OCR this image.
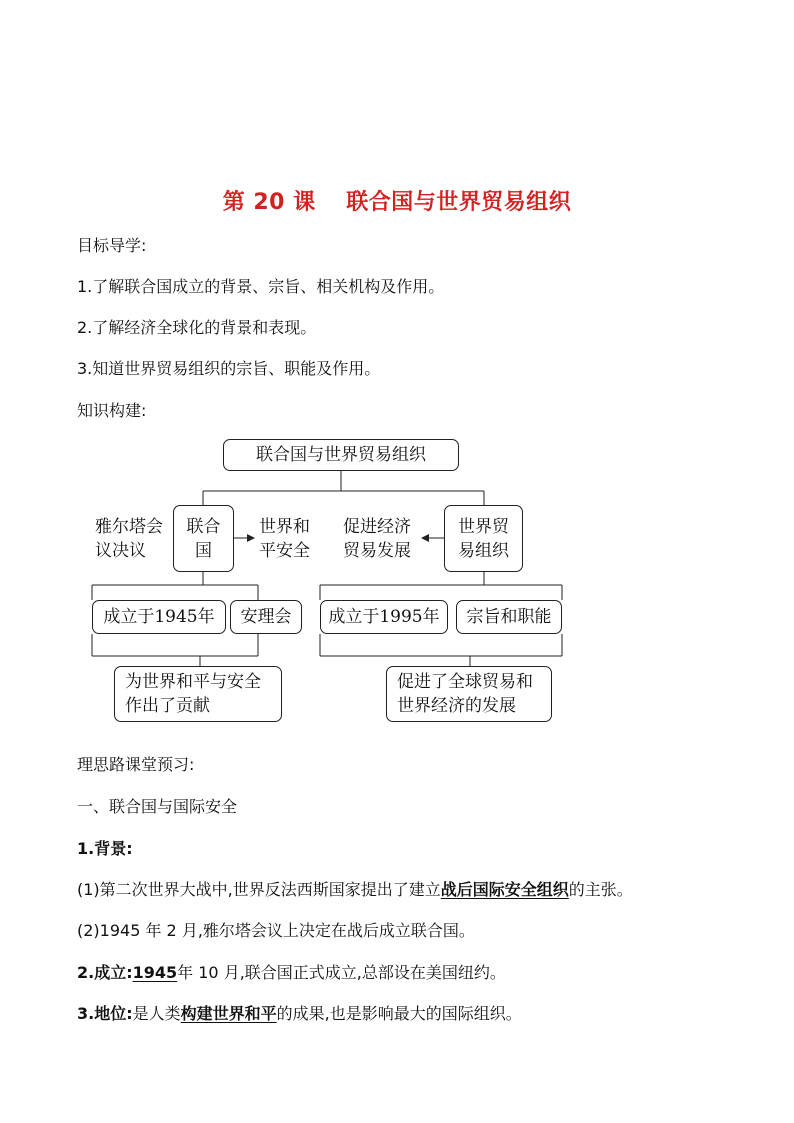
第 20 课　 联合国与世界贸易组织
目标导学:
1.了解联合国成立的背景、宗旨、相关机构及作用。
2.了解经济全球化的背景和表现。
3.知道世界贸易组织的宗旨、职能及作用。
知识构建:
联合国与世界贸易组织
雅尔塔会
议决议
联合国
世界和
平安全
成立于1945年	安理会
为世界和平与安全
作出了贡献
促进经济
贸易发展
世界贸
易组织
成立于1995年	宗旨和职能
促进了全球贸易和
世界经济的发展
理思路课堂预习:
一、联合国与国际安全
1.背景:
(1)第二次世界大战中,世界反法西斯国家提出了建立战后国际安全组织的主张。
(2)1945 年 2 月,雅尔塔会议上决定在战后成立联合国。
2.成立:1945年 10 月,联合国正式成立,总部设在美国纽约。
3.地位:是人类构建世界和平的成果,也是影响最大的国际组织。
